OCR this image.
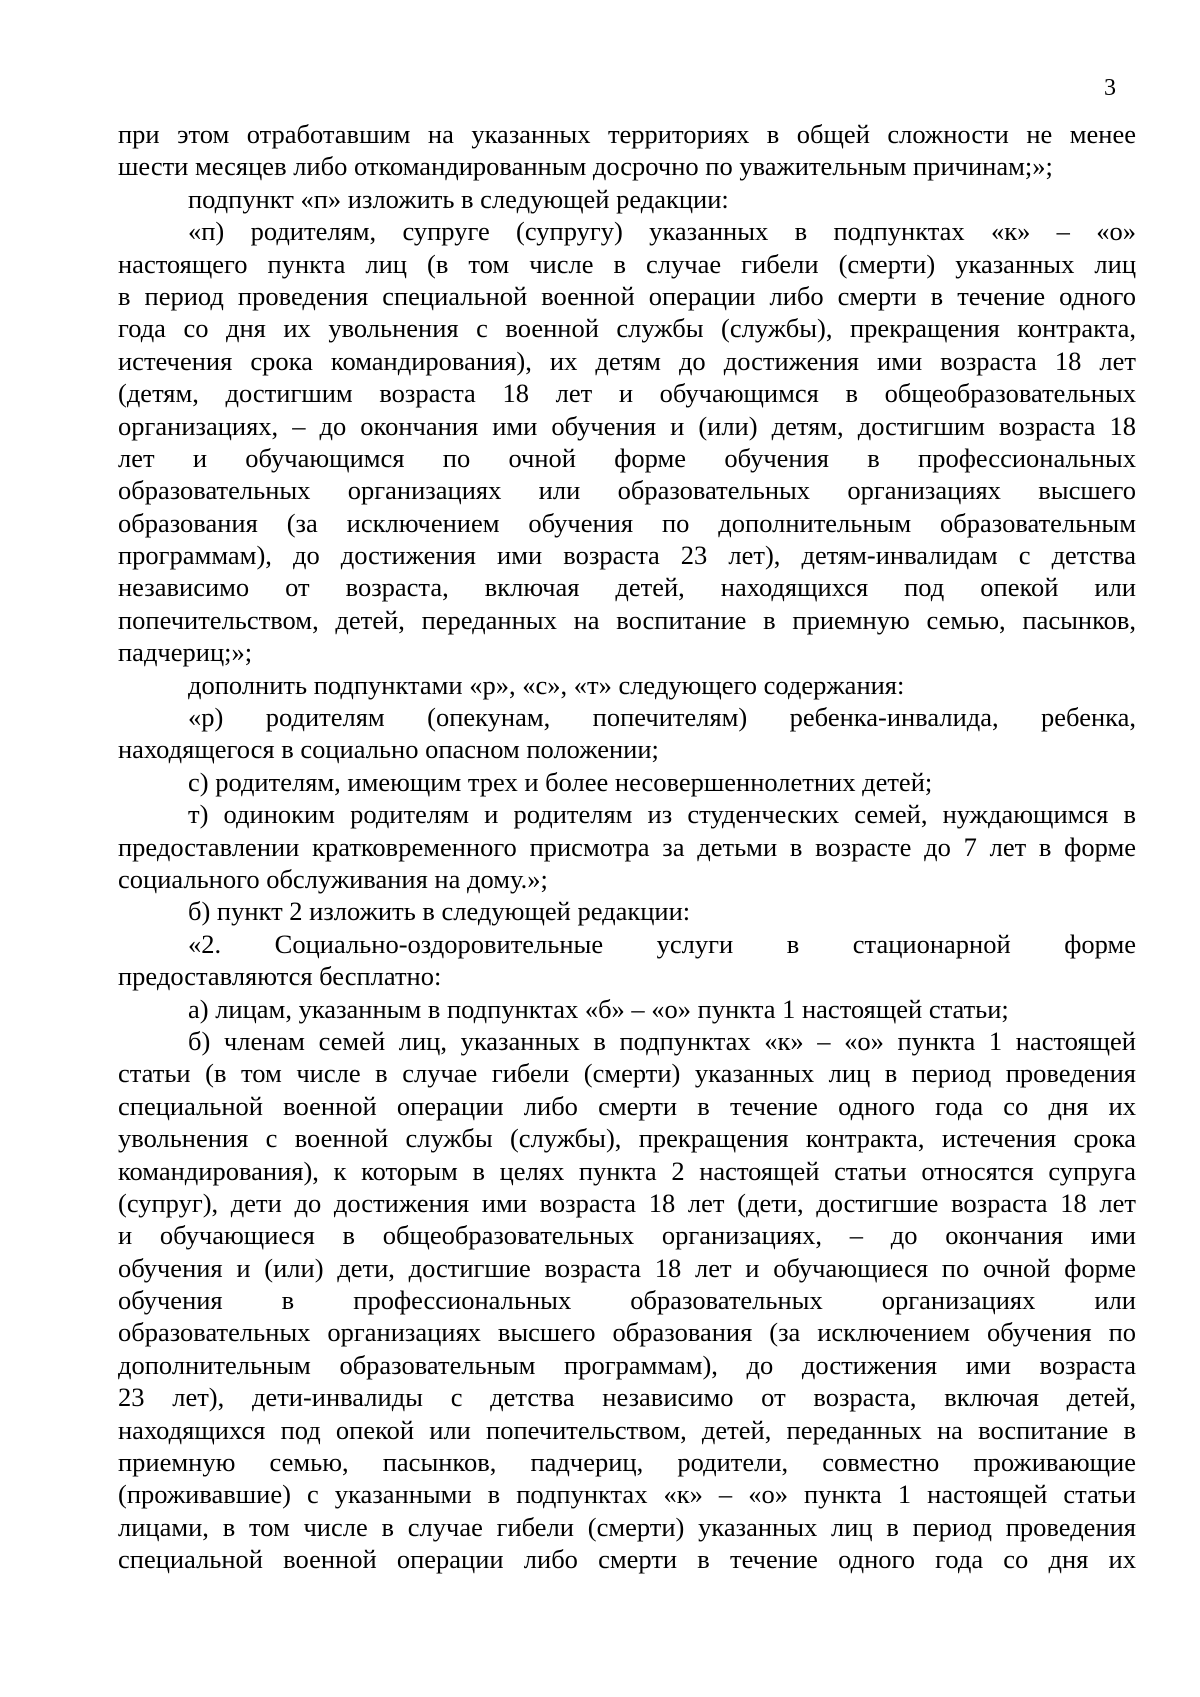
3
при этом отработавшим на указанных территориях в общей сложности не менее
шести месяцев либо откомандированным досрочно по уважительным причинам;»;
подпункт «п» изложить в следующей редакции:
«п) родителям, супруге (супругу) указанных в подпунктах «к» – «о»
настоящего пункта лиц (в том числе в случае гибели (смерти) указанных лиц
в период проведения специальной военной операции либо смерти в течение одного
года со дня их увольнения с военной службы (службы), прекращения контракта,
истечения срока командирования), их детям до достижения ими возраста 18 лет
(детям, достигшим возраста 18 лет и обучающимся в общеобразовательных
организациях, – до окончания ими обучения и (или) детям, достигшим возраста 18
лет и обучающимся по очной форме обучения в профессиональных
образовательных организациях или образовательных организациях высшего
образования (за исключением обучения по дополнительным образовательным
программам), до достижения ими возраста 23 лет), детям-инвалидам с детства
независимо от возраста, включая детей, находящихся под опекой или
попечительством, детей, переданных на воспитание в приемную семью, пасынков,
падчериц;»;
дополнить подпунктами «р», «с», «т» следующего содержания:
«р) родителям (опекунам, попечителям) ребенка-инвалида, ребенка,
находящегося в социально опасном положении;
с) родителям, имеющим трех и более несовершеннолетних детей;
т) одиноким родителям и родителям из студенческих семей, нуждающимся в
предоставлении кратковременного присмотра за детьми в возрасте до 7 лет в форме
социального обслуживания на дому.»;
б) пункт 2 изложить в следующей редакции:
«2. Социально-оздоровительные услуги в стационарной форме
предоставляются бесплатно:
а) лицам, указанным в подпунктах «б» – «о» пункта 1 настоящей статьи;
б) членам семей лиц, указанных в подпунктах «к» – «о» пункта 1 настоящей
статьи (в том числе в случае гибели (смерти) указанных лиц в период проведения
специальной военной операции либо смерти в течение одного года со дня их
увольнения с военной службы (службы), прекращения контракта, истечения срока
командирования), к которым в целях пункта 2 настоящей статьи относятся супруга
(супруг), дети до достижения ими возраста 18 лет (дети, достигшие возраста 18 лет
и обучающиеся в общеобразовательных организациях, – до окончания ими
обучения и (или) дети, достигшие возраста 18 лет и обучающиеся по очной форме
обучения в профессиональных образовательных организациях или
образовательных организациях высшего образования (за исключением обучения по
дополнительным образовательным программам), до достижения ими возраста
23 лет), дети-инвалиды с детства независимо от возраста, включая детей,
находящихся под опекой или попечительством, детей, переданных на воспитание в
приемную семью, пасынков, падчериц, родители, совместно проживающие
(проживавшие) с указанными в подпунктах «к» – «о» пункта 1 настоящей статьи
лицами, в том числе в случае гибели (смерти) указанных лиц в период проведения
специальной военной операции либо смерти в течение одного года со дня их
